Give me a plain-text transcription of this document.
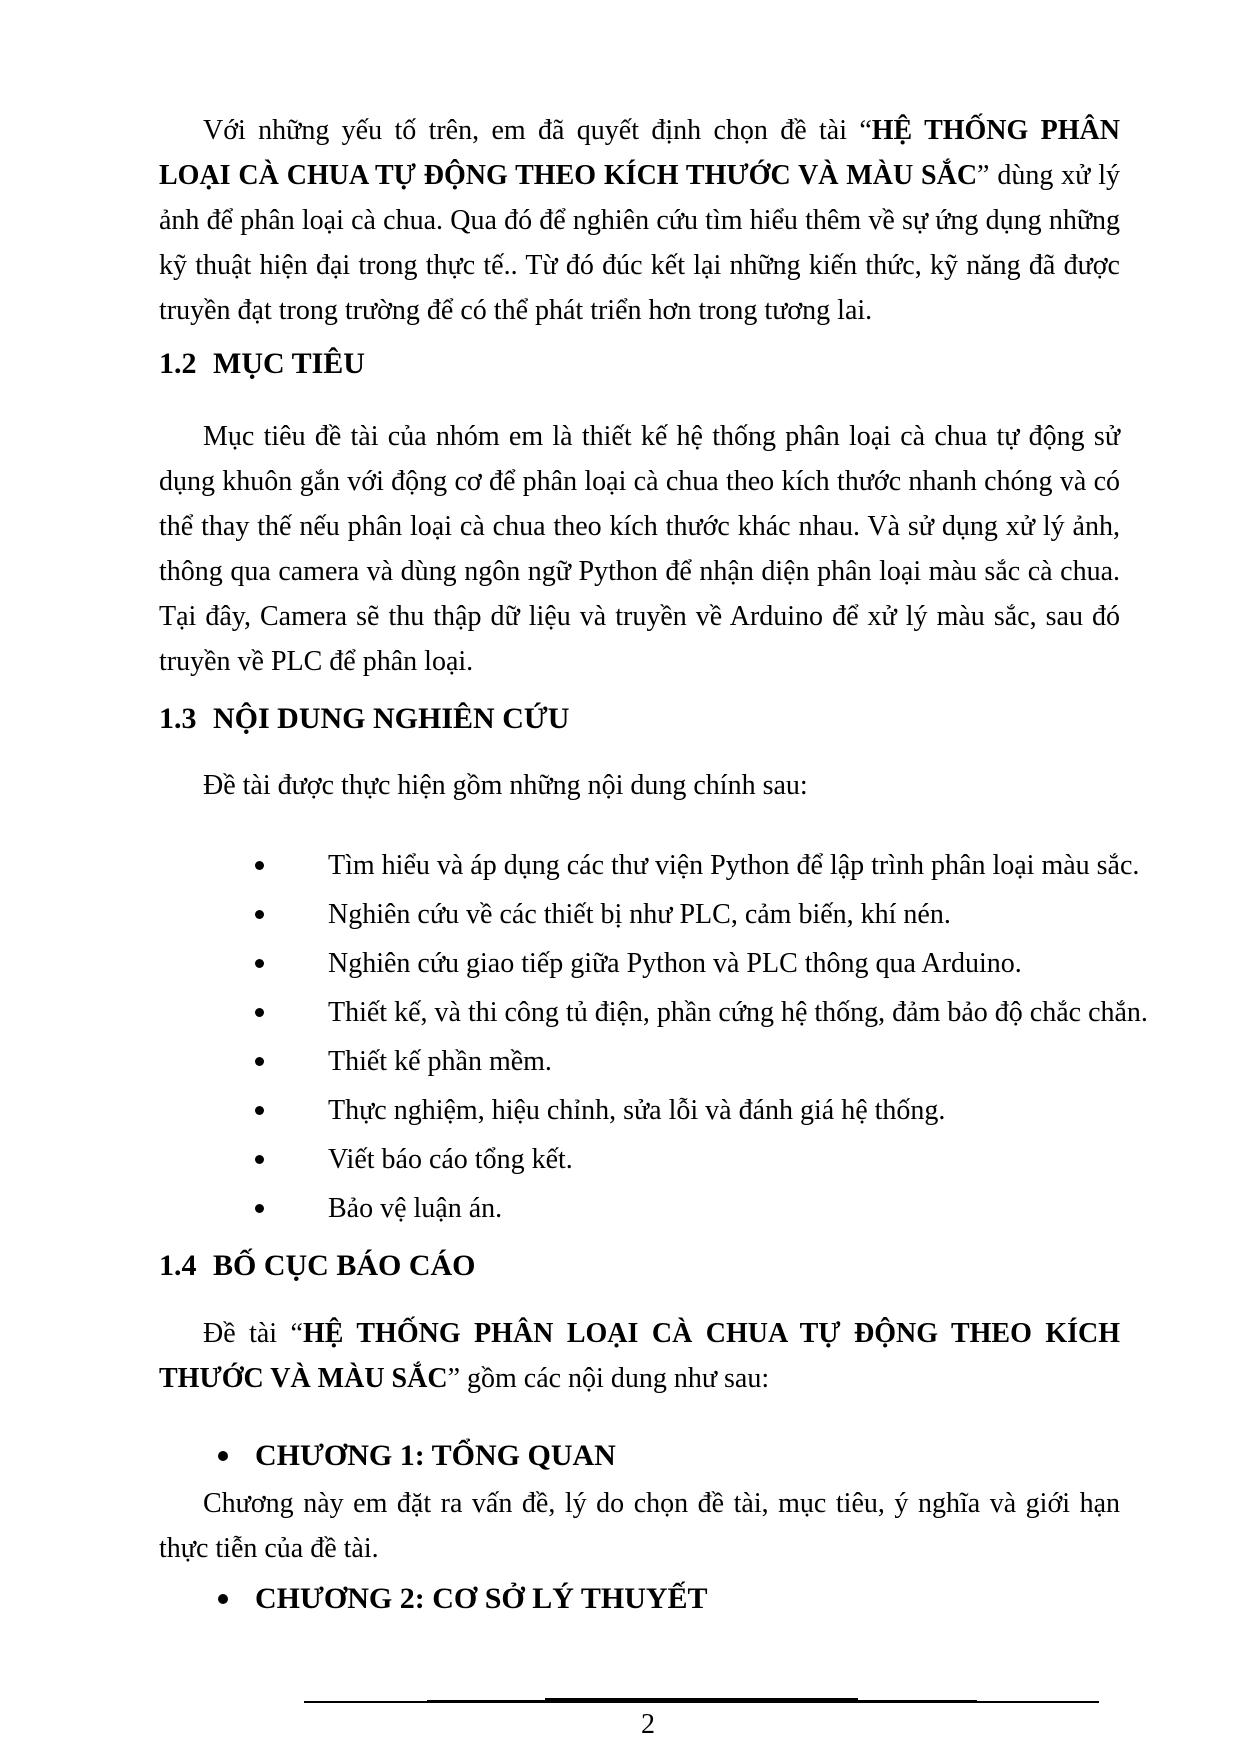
Với những yếu tố trên, em đã quyết định chọn đề tài “HỆ THỐNG PHÂN LOẠI CÀ CHUA TỰ ĐỘNG THEO KÍCH THƯỚC VÀ MÀU SẮC” dùng xử lý ảnh để phân loại cà chua. Qua đó để nghiên cứu tìm hiểu thêm về sự ứng dụng những kỹ thuật hiện đại trong thực tế.. Từ đó đúc kết lại những kiến thức, kỹ năng đã được truyền đạt trong trường để có thể phát triển hơn trong tương lai.

1.2 MỤC TIÊU

Mục tiêu đề tài của nhóm em là thiết kế hệ thống phân loại cà chua tự động sử dụng khuôn gắn với động cơ để phân loại cà chua theo kích thước nhanh chóng và có thể thay thế nếu phân loại cà chua theo kích thước khác nhau. Và sử dụng xử lý ảnh, thông qua camera và dùng ngôn ngữ Python để nhận diện phân loại màu sắc cà chua. Tại đây, Camera sẽ thu thập dữ liệu và truyền về Arduino để xử lý màu sắc, sau đó truyền về PLC để phân loại.

1.3 NỘI DUNG NGHIÊN CỨU

Đề tài được thực hiện gồm những nội dung chính sau:

Tìm hiểu và áp dụng các thư viện Python để lập trình phân loại màu sắc.
Nghiên cứu về các thiết bị như PLC, cảm biến, khí nén.
Nghiên cứu giao tiếp giữa Python và PLC thông qua Arduino.
Thiết kế, và thi công tủ điện, phần cứng hệ thống, đảm bảo độ chắc chắn.
Thiết kế phần mềm.
Thực nghiệm, hiệu chỉnh, sửa lỗi và đánh giá hệ thống.
Viết báo cáo tổng kết.
Bảo vệ luận án.
1.4 BỐ CỤC BÁO CÁO

Đề tài “HỆ THỐNG PHÂN LOẠI CÀ CHUA TỰ ĐỘNG THEO KÍCH THƯỚC VÀ MÀU SẮC” gồm các nội dung như sau:

CHƯƠNG 1: TỔNG QUAN

Chương này em đặt ra vấn đề, lý do chọn đề tài, mục tiêu, ý nghĩa và giới hạn thực tiễn của đề tài.

CHƯƠNG 2: CƠ SỞ LÝ THUYẾT
2
